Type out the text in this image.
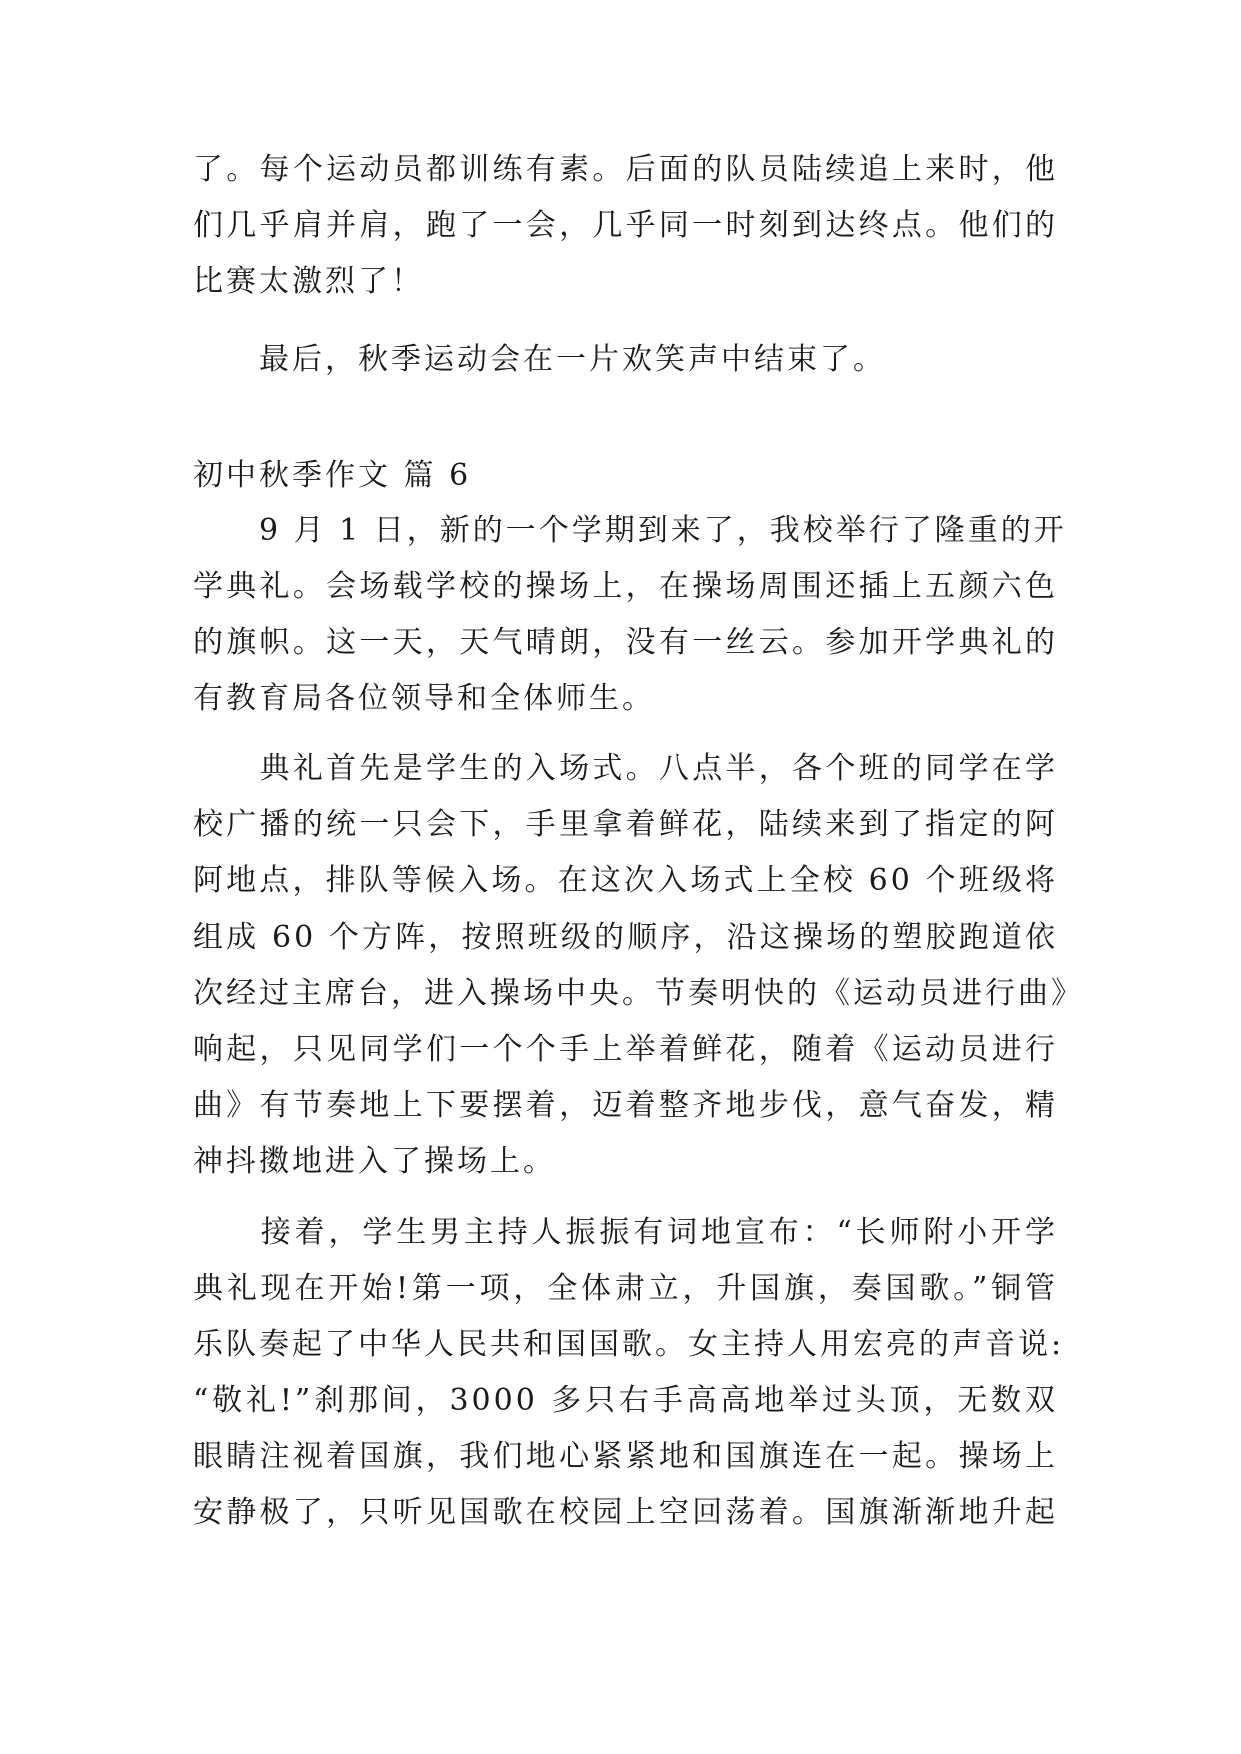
了。每个运动员都训练有素。后面的队员陆续追上来时，他
们几乎肩并肩，跑了一会，几乎同一时刻到达终点。他们的
比赛太激烈了！
　　最后，秋季运动会在一片欢笑声中结束了。
初中秋季作文 篇 6
　　9 月 1 日，新的一个学期到来了，我校举行了隆重的开
学典礼。会场载学校的操场上，在操场周围还插上五颜六色
的旗帜。这一天，天气晴朗，没有一丝云。参加开学典礼的
有教育局各位领导和全体师生。
　　典礼首先是学生的入场式。八点半，各个班的同学在学
校广播的统一只会下，手里拿着鲜花，陆续来到了指定的阿
阿地点，排队等候入场。在这次入场式上全校 60 个班级将
组成 60 个方阵，按照班级的顺序，沿这操场的塑胶跑道依
次经过主席台，进入操场中央。节奏明快的《运动员进行曲》
响起，只见同学们一个个手上举着鲜花，随着《运动员进行
曲》有节奏地上下要摆着，迈着整齐地步伐，意气奋发，精
神抖擞地进入了操场上。
　　接着，学生男主持人振振有词地宣布：“长师附小开学
典礼现在开始!第一项，全体肃立，升国旗，奏国歌。”铜管
乐队奏起了中华人民共和国国歌。女主持人用宏亮的声音说:
“敬礼!”刹那间，3000 多只右手高高地举过头顶，无数双
眼睛注视着国旗，我们地心紧紧地和国旗连在一起。操场上
安静极了，只听见国歌在校园上空回荡着。国旗渐渐地升起
